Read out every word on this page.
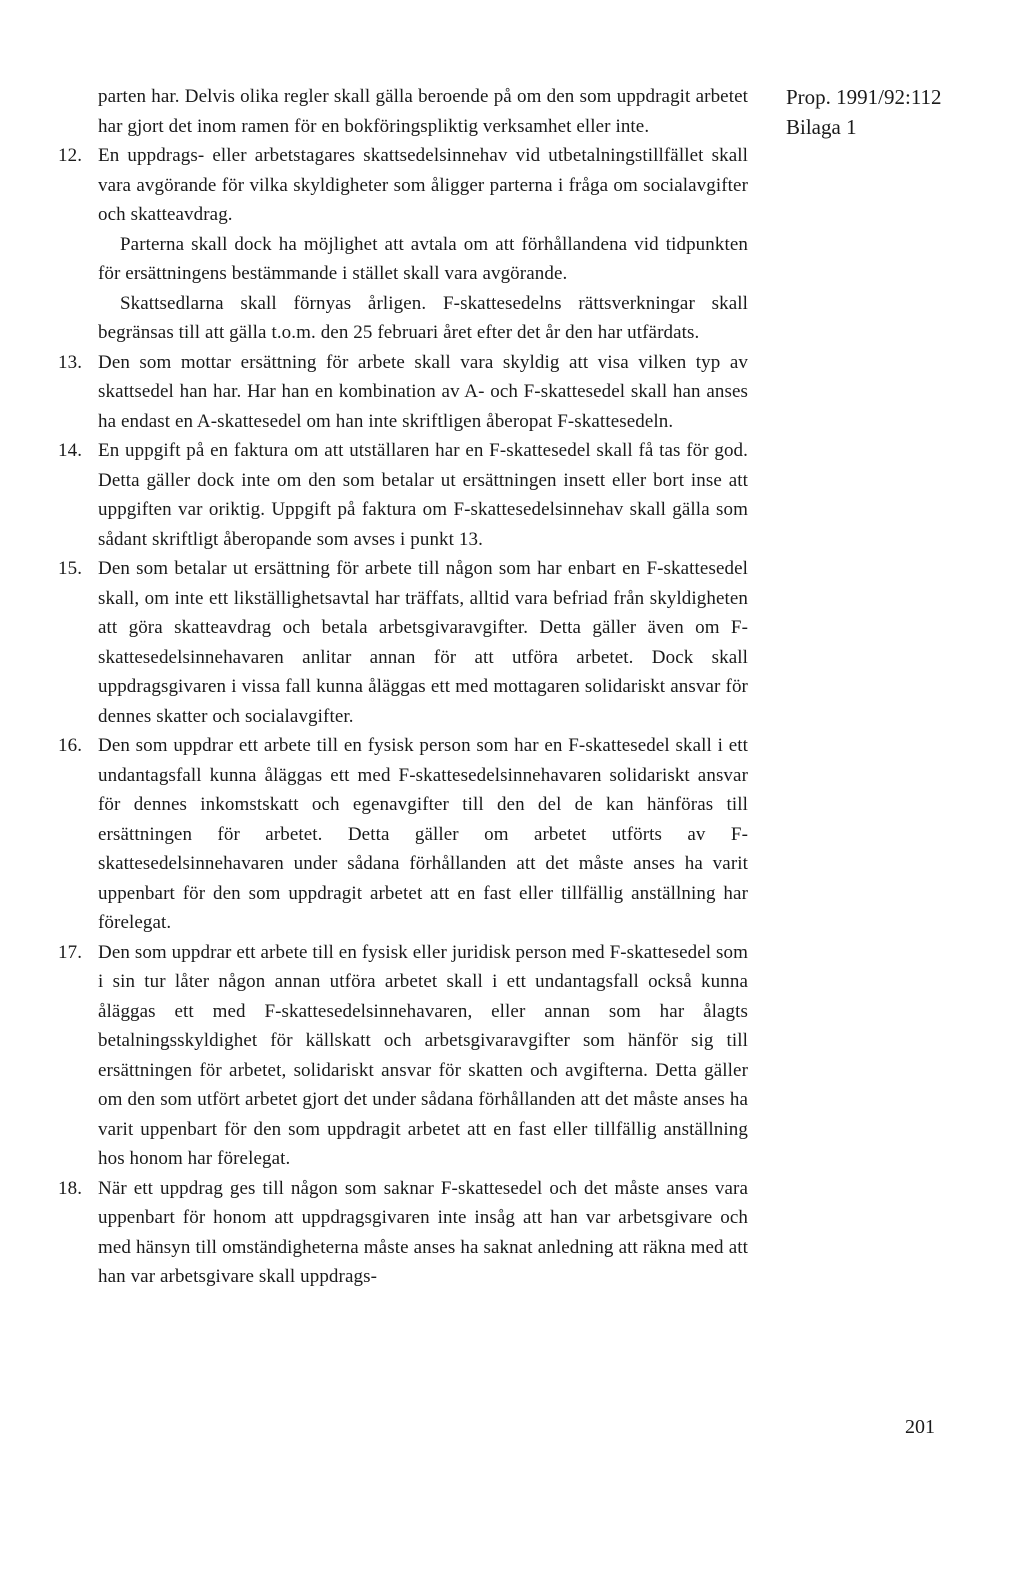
parten har. Delvis olika regler skall gälla beroende på om den som uppdragit arbetet har gjort det inom ramen för en bokföringspliktig verksamhet eller inte.

12. En uppdrags- eller arbetstagares skattsedelsinnehav vid utbetalningstillfället skall vara avgörande för vilka skyldigheter som åligger parterna i fråga om socialavgifter och skatteavdrag.

Parterna skall dock ha möjlighet att avtala om att förhållandena vid tidpunkten för ersättningens bestämmande i stället skall vara avgörande.

Skattsedlarna skall förnyas årligen. F-skattesedelns rättsverkningar skall begränsas till att gälla t.o.m. den 25 februari året efter det år den har utfärdats.

13. Den som mottar ersättning för arbete skall vara skyldig att visa vilken typ av skattsedel han har. Har han en kombination av A- och F-skattesedel skall han anses ha endast en A-skattesedel om han inte skriftligen åberopat F-skattesedeln.
14. En uppgift på en faktura om att utställaren har en F-skattesedel skall få tas för god. Detta gäller dock inte om den som betalar ut ersättningen insett eller bort inse att uppgiften var oriktig. Uppgift på faktura om F-skattesedelsinnehav skall gälla som sådant skriftligt åberopande som avses i punkt 13.
15. Den som betalar ut ersättning för arbete till någon som har enbart en F-skattesedel skall, om inte ett likställighetsavtal har träffats, alltid vara befriad från skyldigheten att göra skatteavdrag och betala arbetsgivaravgifter. Detta gäller även om F-skattesedelsinnehavaren anlitar annan för att utföra arbetet. Dock skall uppdragsgivaren i vissa fall kunna åläggas ett med mottagaren solidariskt ansvar för dennes skatter och socialavgifter.
16. Den som uppdrar ett arbete till en fysisk person som har en F-skattesedel skall i ett undantagsfall kunna åläggas ett med F-skattesedelsinnehavaren solidariskt ansvar för dennes inkomstskatt och egenavgifter till den del de kan hänföras till ersättningen för arbetet. Detta gäller om arbetet utförts av F-skattesedelsinnehavaren under sådana förhållanden att det måste anses ha varit uppenbart för den som uppdragit arbetet att en fast eller tillfällig anställning har förelegat.
17. Den som uppdrar ett arbete till en fysisk eller juridisk person med F-skattesedel som i sin tur låter någon annan utföra arbetet skall i ett undantagsfall också kunna åläggas ett med F-skattesedelsinnehavaren, eller annan som har ålagts betalningsskyldighet för källskatt och arbetsgivaravgifter som hänför sig till ersättningen för arbetet, solidariskt ansvar för skatten och avgifterna. Detta gäller om den som utfört arbetet gjort det under sådana förhållanden att det måste anses ha varit uppenbart för den som uppdragit arbetet att en fast eller tillfällig anställning hos honom har förelegat.
18. När ett uppdrag ges till någon som saknar F-skattesedel och det måste anses vara uppenbart för honom att uppdragsgivaren inte insåg att han var arbetsgivare och med hänsyn till omständigheterna måste anses ha saknat anledning att räkna med att han var arbetsgivare skall uppdrags-
Prop. 1991/92:112
Bilaga 1
201
